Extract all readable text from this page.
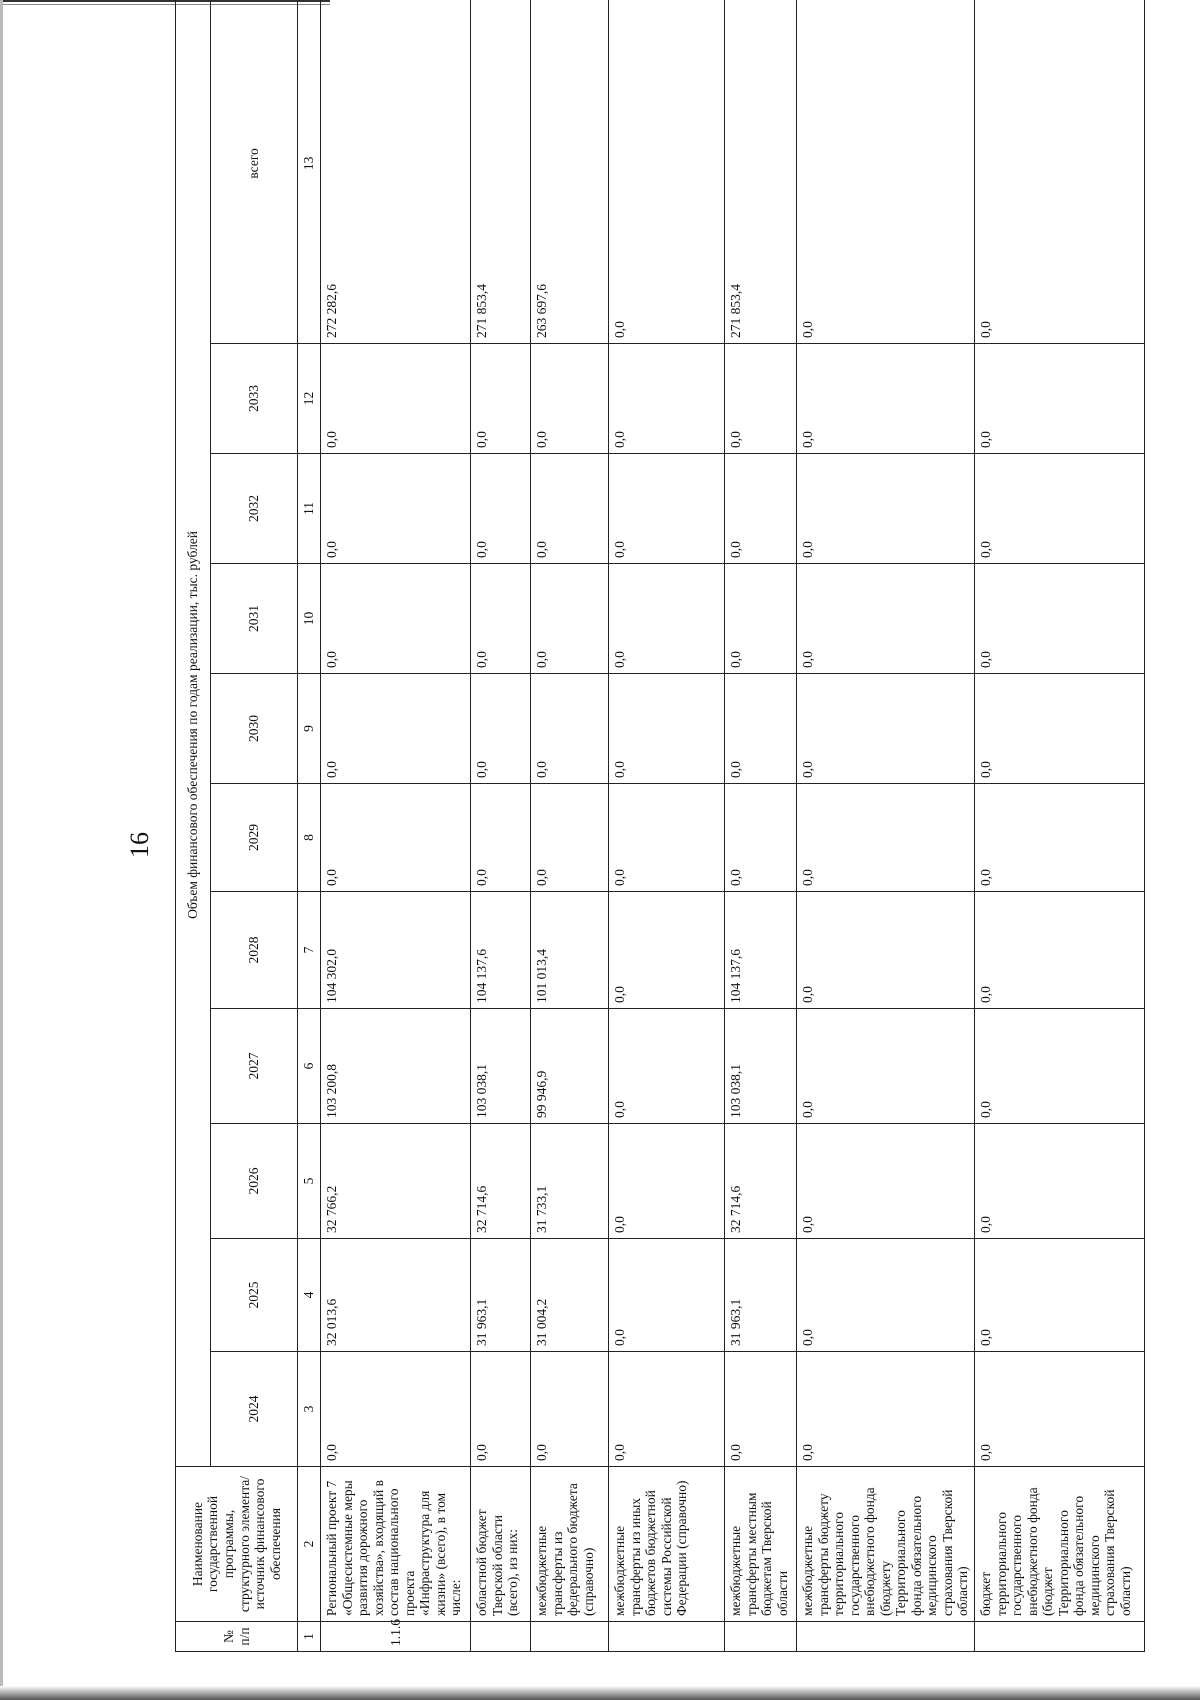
16
№ п/п	Наименование государственной программы, структурного элемента/источник финансового обеспечения	Объем финансового обеспечения по годам реализации, тыс. рублей										
		2024	2025	2026	2027	2028	2029	2030	2031	2032	2033	всего
1	2	3	4	5	6	7	8	9	10	11	12	13
1.1.6	Региональный проект 7 «Общесистемные меры развития дорожного хозяйства», входящий в состав национального проекта «Инфраструктура для жизни» (всего), в том числе:	0,0	32 013,6	32 766,2	103 200,8	104 302,0	0,0	0,0	0,0	0,0	0,0	272 282,6
	областной бюджет Тверской области (всего), из них:	0,0	31 963,1	32 714,6	103 038,1	104 137,6	0,0	0,0	0,0	0,0	0,0	271 853,4
	межбюджетные трансферты из федерального бюджета (справочно)	0,0	31 004,2	31 733,1	99 946,9	101 013,4	0,0	0,0	0,0	0,0	0,0	263 697,6
	межбюджетные трансферты из иных бюджетов бюджетной системы Российской Федерации (справочно)	0,0	0,0	0,0	0,0	0,0	0,0	0,0	0,0	0,0	0,0	0,0
	межбюджетные трансферты местным бюджетам Тверской области	0,0	31 963,1	32 714,6	103 038,1	104 137,6	0,0	0,0	0,0	0,0	0,0	271 853,4
	межбюджетные трансферты бюджету территориального государственного внебюджетного фонда (бюджету Территориального фонда обязательного медицинского страхования Тверской области)	0,0	0,0	0,0	0,0	0,0	0,0	0,0	0,0	0,0	0,0	0,0
	бюджет территориального государственного внебюджетного фонда (бюджет Территориального фонда обязательного медицинского страхования Тверской области)	0,0	0,0	0,0	0,0	0,0	0,0	0,0	0,0	0,0	0,0	0,0
